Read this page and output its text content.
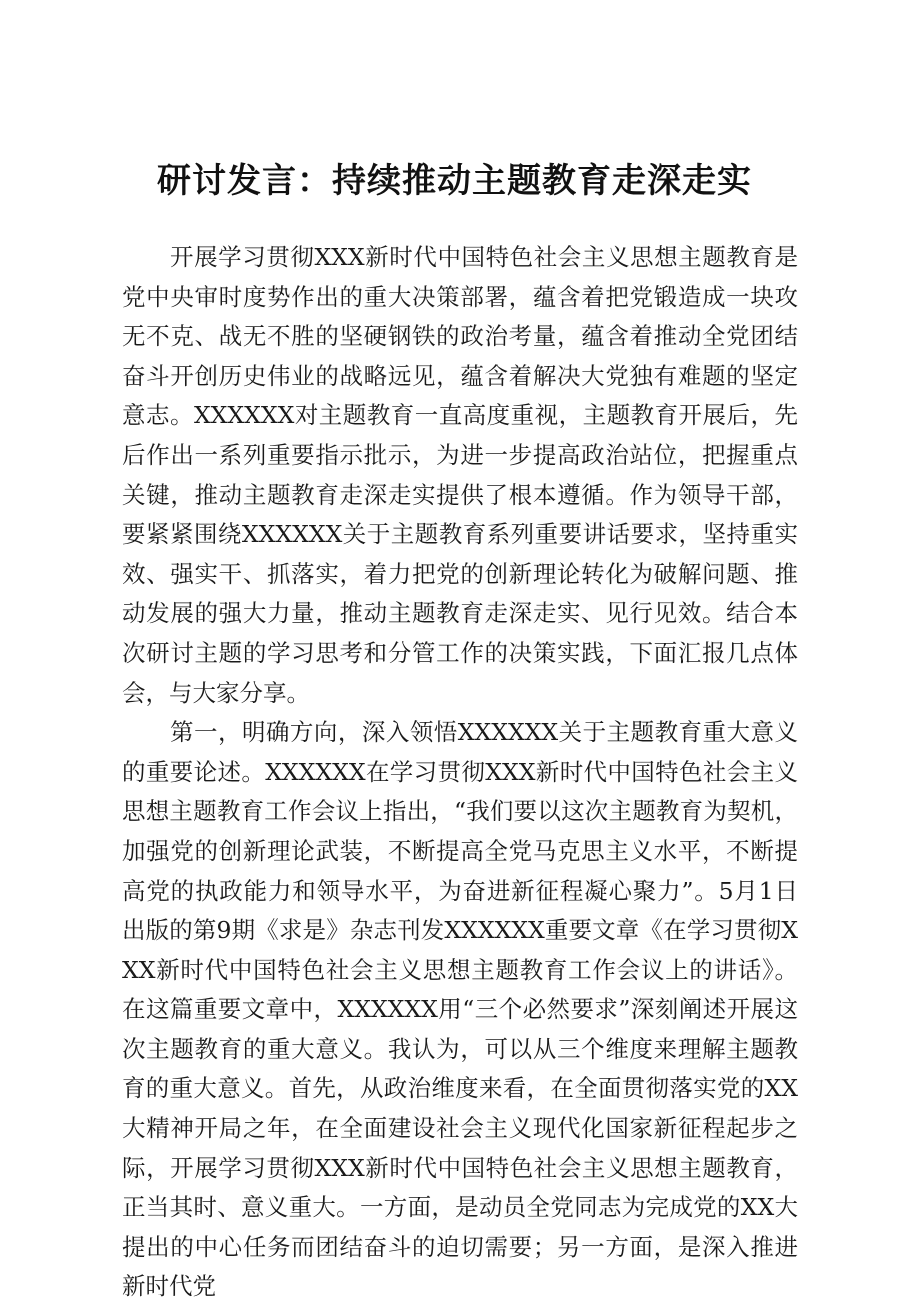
研讨发言：持续推动主题教育走深走实

开展学习贯彻XXX新时代中国特色社会主义思想主题教育是党中央审时度势作出的重大决策部署，蕴含着把党锻造成一块攻无不克、战无不胜的坚硬钢铁的政治考量，蕴含着推动全党团结奋斗开创历史伟业的战略远见，蕴含着解决大党独有难题的坚定意志。XXXXXX对主题教育一直高度重视，主题教育开展后，先后作出一系列重要指示批示，为进一步提高政治站位，把握重点关键，推动主题教育走深走实提供了根本遵循。作为领导干部，要紧紧围绕XXXXXX关于主题教育系列重要讲话要求，坚持重实效、强实干、抓落实，着力把党的创新理论转化为破解问题、推动发展的强大力量，推动主题教育走深走实、见行见效。结合本次研讨主题的学习思考和分管工作的决策实践，下面汇报几点体会，与大家分享。

第一，明确方向，深入领悟XXXXXX关于主题教育重大意义的重要论述。XXXXXX在学习贯彻XXX新时代中国特色社会主义思想主题教育工作会议上指出，“我们要以这次主题教育为契机，加强党的创新理论武装，不断提高全党马克思主义水平，不断提高党的执政能力和领导水平，为奋进新征程凝心聚力”。5月1日出版的第9期《求是》杂志刊发XXXXXX重要文章《在学习贯彻XXX新时代中国特色社会主义思想主题教育工作会议上的讲话》。在这篇重要文章中，XXXXXX用“三个必然要求”深刻阐述开展这次主题教育的重大意义。我认为，可以从三个维度来理解主题教育的重大意义。首先，从政治维度来看，在全面贯彻落实党的XX大精神开局之年，在全面建设社会主义现代化国家新征程起步之际，开展学习贯彻XXX新时代中国特色社会主义思想主题教育，正当其时、意义重大。一方面，是动员全党同志为完成党的XX大提出的中心任务而团结奋斗的迫切需要；另一方面，是深入推进新时代党
